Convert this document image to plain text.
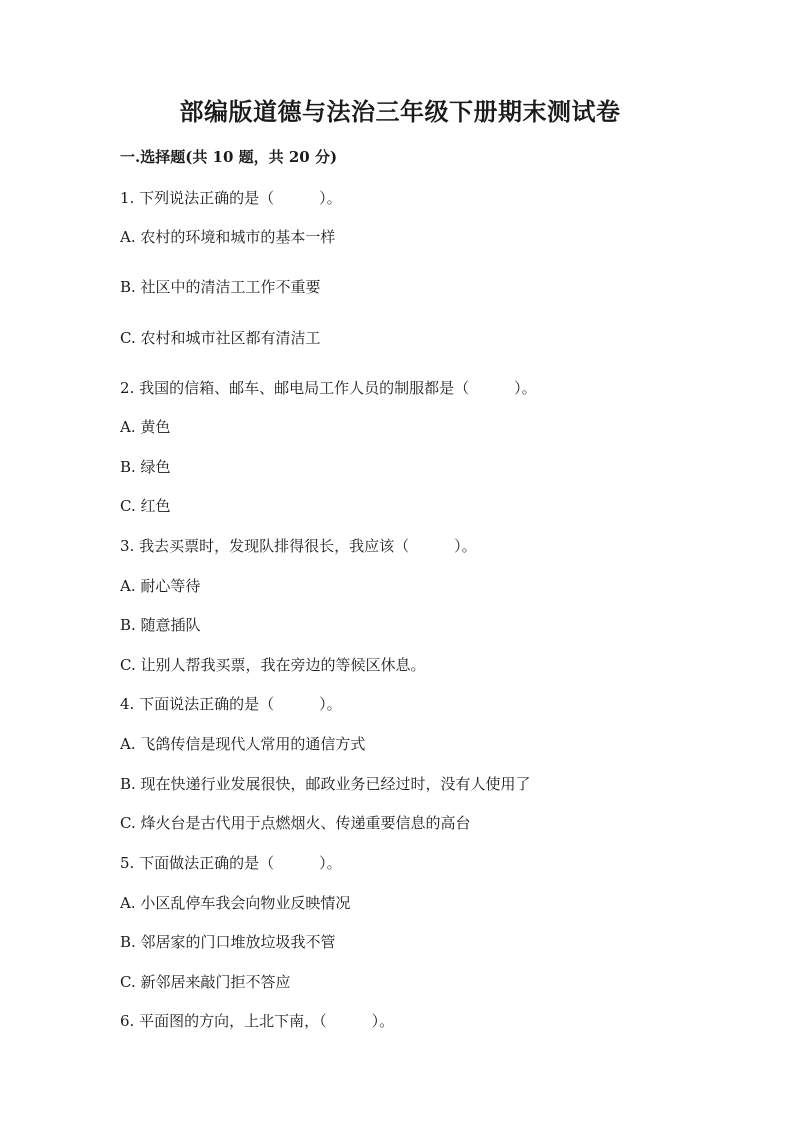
部编版道德与法治三年级下册期末测试卷
一.选择题(共 10 题，共 20 分)
1. 下列说法正确的是（　　　）。
A. 农村的环境和城市的基本一样
B. 社区中的清洁工工作不重要
C. 农村和城市社区都有清洁工
2. 我国的信箱、邮车、邮电局工作人员的制服都是（　　　）。
A. 黄色
B. 绿色
C. 红色
3. 我去买票时，发现队排得很长，我应该（　　　）。
A. 耐心等待
B. 随意插队
C. 让别人帮我买票，我在旁边的等候区休息。
4. 下面说法正确的是（　　　）。
A. 飞鸽传信是现代人常用的通信方式
B. 现在快递行业发展很快，邮政业务已经过时，没有人使用了
C. 烽火台是古代用于点燃烟火、传递重要信息的高台
5. 下面做法正确的是（　　　）。
A. 小区乱停车我会向物业反映情况
B. 邻居家的门口堆放垃圾我不管
C. 新邻居来敲门拒不答应
6. 平面图的方向，上北下南，（　　　）。
